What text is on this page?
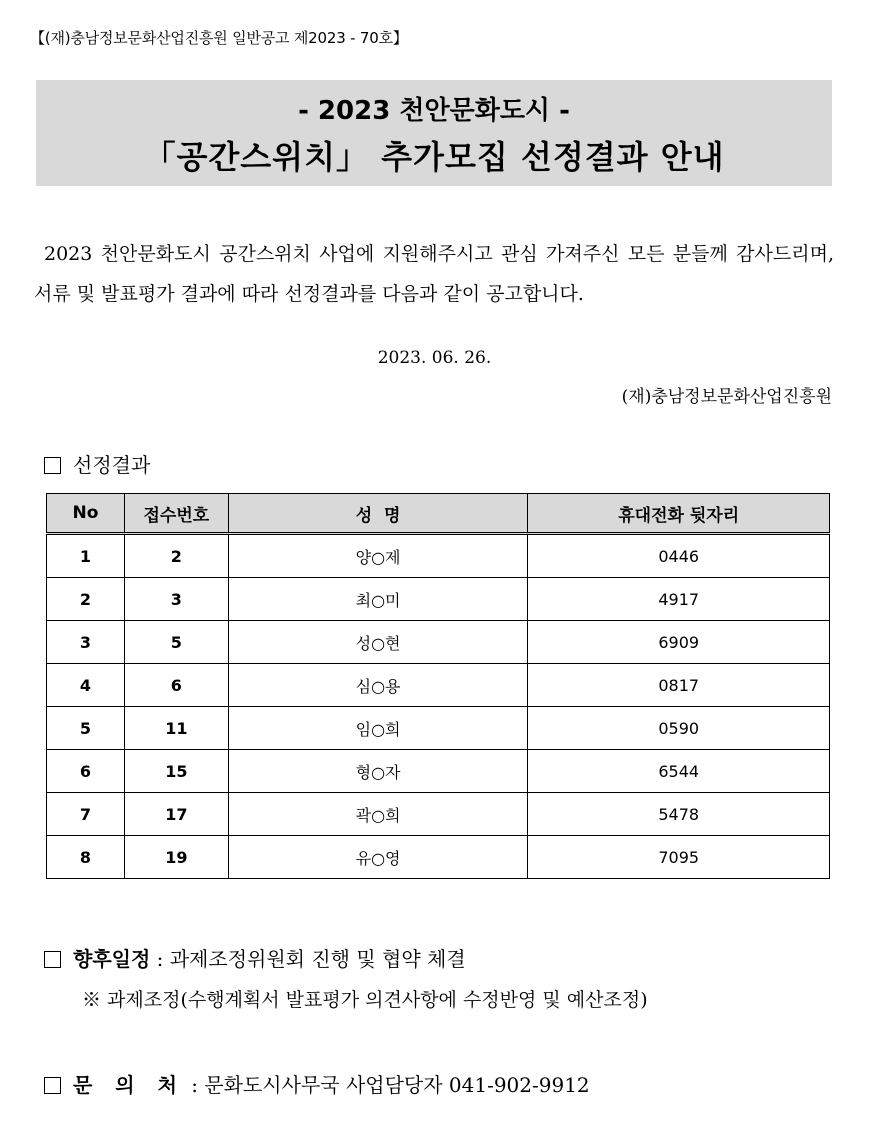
【(재)충남정보문화산업진흥원 일반공고 제2023 - 70호】
- 2023 천안문화도시 -
「공간스위치」 추가모집 선정결과 안내
2023 천안문화도시 공간스위치 사업에 지원해주시고 관심 가져주신 모든 분들께 감사드리며, 서류 및 발표평가 결과에 따라 선정결과를 다음과 같이 공고합니다.
2023. 06. 26.
(재)충남정보문화산업진흥원
선정결과
No	접수번호	성  명	휴대전화 뒷자리
1	2	양○제	0446
2	3	최○미	4917
3	5	성○현	6909
4	6	심○용	0817
5	11	임○희	0590
6	15	형○자	6544
7	17	곽○희	5478
8	19	유○영	7095
향후일정 : 과제조정위원회 진행 및 협약 체결
※ 과제조정(수행계획서 발표평가 의견사항에 수정반영 및 예산조정)
문 의 처 : 문화도시사무국 사업담당자 041-902-9912
